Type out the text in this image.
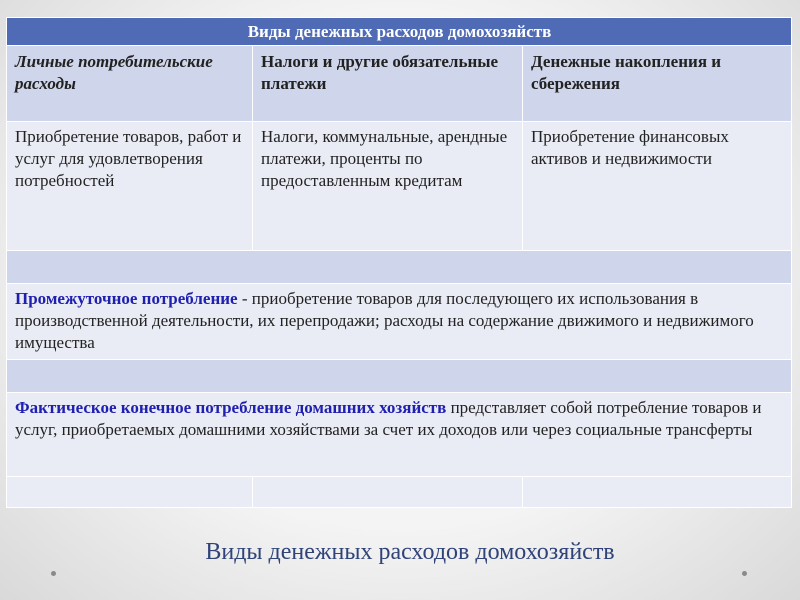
Виды денежных расходов домохозяйств		
Личные потребительские расходы	Налоги и другие обязательные платежи	Денежные накопления и сбережения
Приобретение товаров, работ и услуг для удовлетворения потребностей	Налоги, коммунальные, арендные платежи, проценты по предоставленным кредитам	Приобретение финансовых активов и недвижимости

Промежуточное потребление - приобретение товаров для последующего их использования в производственной деятельности, их перепродажи; расходы на содержание движимого и недвижимого имущества		

Фактическое конечное потребление домашних хозяйств представляет собой потребление товаров и услуг, приобретаемых домашними хозяйствами за счет их доходов или через социальные трансферты		

Виды денежных расходов домохозяйств
